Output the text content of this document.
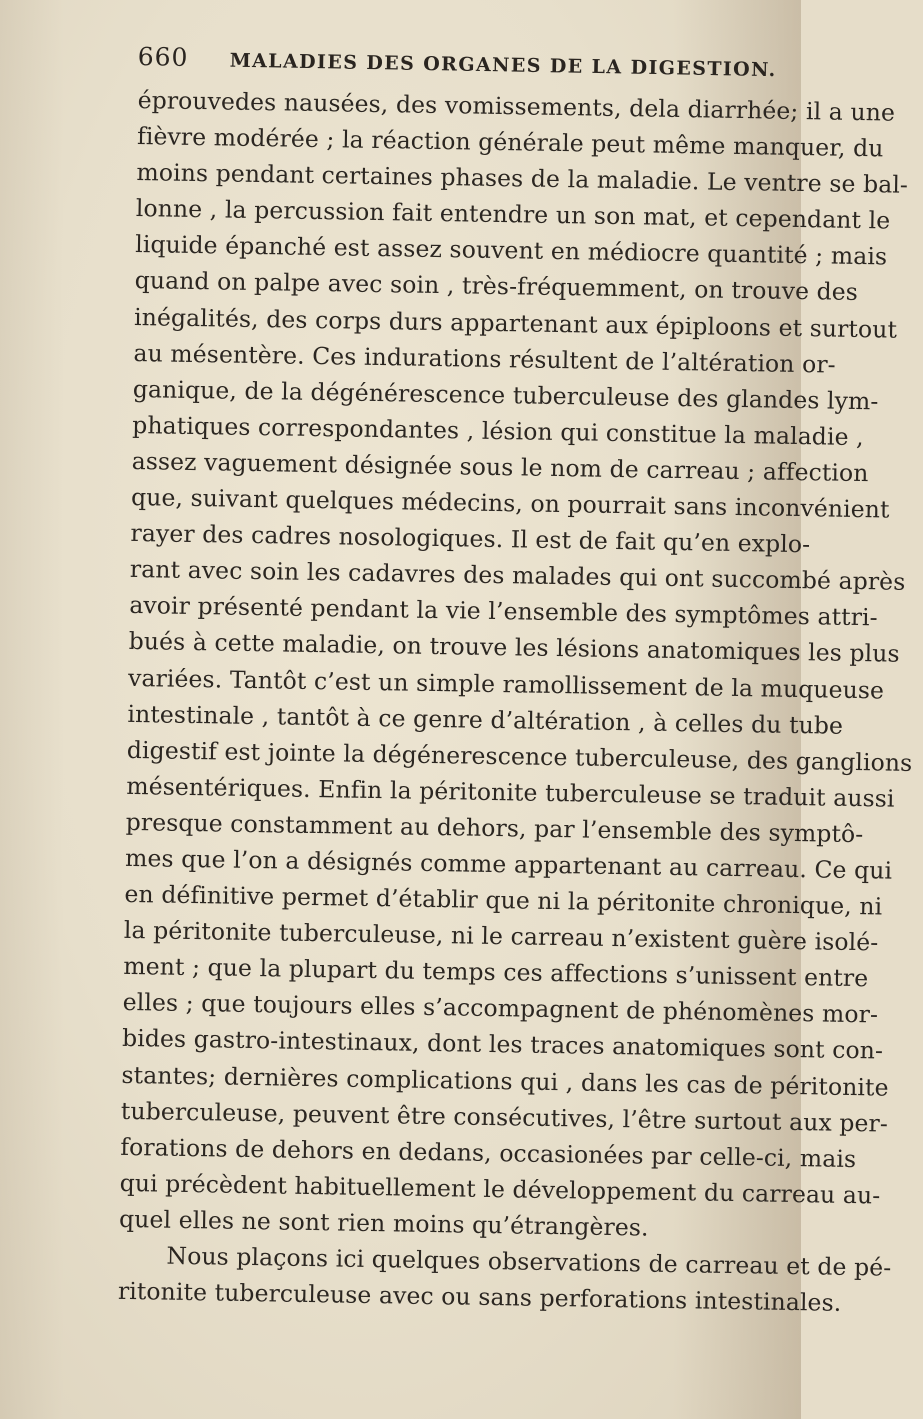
660	MALADIES DES ORGANES DE LA DIGESTION.
éprouvedes nausées, des vomissements, dela diarrhée; il a une
fièvre modérée ; la réaction générale peut même manquer, du
moins pendant certaines phases de la maladie. Le ventre se bal-
lonne , la percussion fait entendre un son mat, et cependant le
liquide épanché est assez souvent en médiocre quantité ; mais
quand on palpe avec soin , très-fréquemment, on trouve des
inégalités, des corps durs appartenant aux épiploons et surtout
au mésentère. Ces indurations résultent de l’altération or-
ganique, de la dégénérescence tuberculeuse des glandes lym-
phatiques correspondantes , lésion qui constitue la maladie ,
assez vaguement désignée sous le nom de carreau ; affection
que, suivant quelques médecins, on pourrait sans inconvénient
rayer des cadres nosologiques. Il est de fait qu’en explo-
rant avec soin les cadavres des malades qui ont succombé après
avoir présenté pendant la vie l’ensemble des symptômes attri-
bués à cette maladie, on trouve les lésions anatomiques les plus
variées. Tantôt c’est un simple ramollissement de la muqueuse
intestinale , tantôt à ce genre d’altération , à celles du tube
digestif est jointe la dégénerescence tuberculeuse, des ganglions
mésentériques. Enfin la péritonite tuberculeuse se traduit aussi
presque constamment au dehors, par l’ensemble des symptô-
mes que l’on a désignés comme appartenant au carreau. Ce qui
en définitive permet d’établir que ni la péritonite chronique, ni
la péritonite tuberculeuse, ni le carreau n’existent guère isolé-
ment ; que la plupart du temps ces affections s’unissent entre
elles ; que toujours elles s’accompagnent de phénomènes mor-
bides gastro-intestinaux, dont les traces anatomiques sont con-
stantes; dernières complications qui , dans les cas de péritonite
tuberculeuse, peuvent être consécutives, l’être surtout aux per-
forations de dehors en dedans, occasionées par celle-ci, mais
qui précèdent habituellement le développement du carreau au-
quel elles ne sont rien moins qu’étrangères.
Nous plaçons ici quelques observations de carreau et de pé-
ritonite tuberculeuse avec ou sans perforations intestinales.
